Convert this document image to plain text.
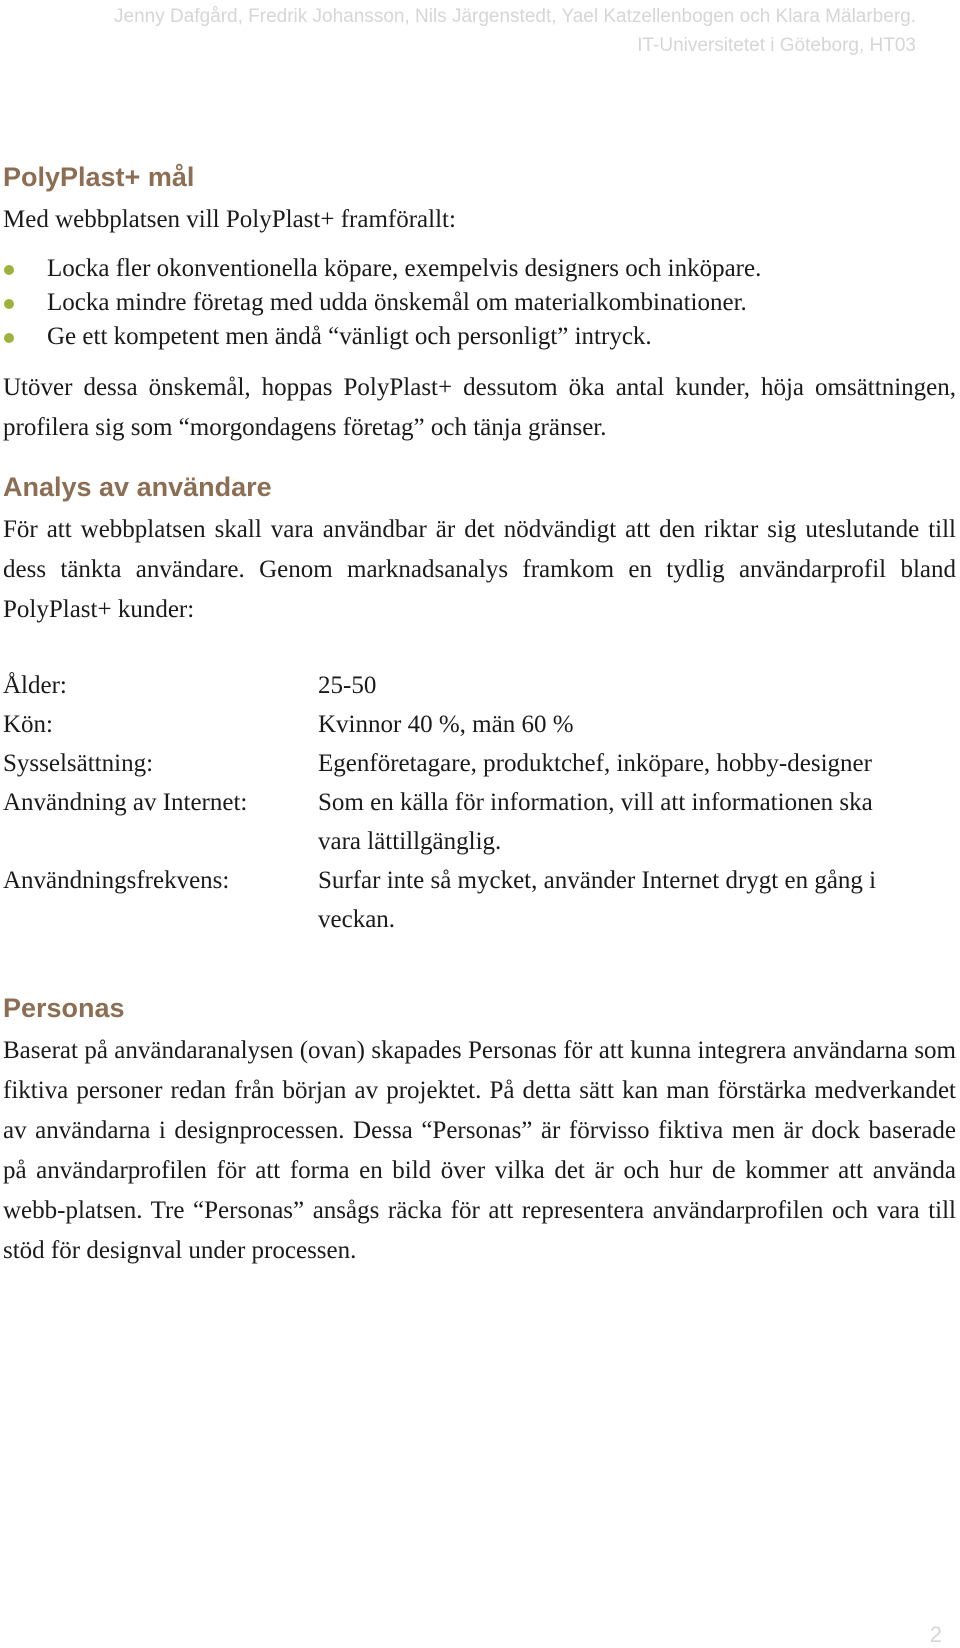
Jenny Dafgård, Fredrik Johansson, Nils Järgenstedt, Yael Katzellenbogen och Klara Mälarberg.
IT-Universitetet i Göteborg, HT03
PolyPlast+ mål

Med webbplatsen vill PolyPlast+ framförallt:

Locka fler okonventionella köpare, exempelvis designers och inköpare.
Locka mindre företag med udda önskemål om materialkombinationer.
Ge ett kompetent men ändå “vänligt och personligt” intryck.

Utöver dessa önskemål, hoppas PolyPlast+ dessutom öka antal kunder, höja omsättningen, profilera sig som “morgondagens företag” och tänja gränser.

Analys av användare

För att webbplatsen skall vara användbar är det nödvändigt att den riktar sig uteslutande till dess tänkta användare. Genom marknadsanalys framkom en tydlig användarprofil bland PolyPlast+ kunder:

Ålder:	25-50
Kön:	Kvinnor 40 %, män 60 %
Sysselsättning:	Egenföretagare, produktchef, inköpare, hobby-designer
Användning av Internet:	Som en källa för information, vill att informationen ska vara lättillgänglig.
Användningsfrekvens:	Surfar inte så mycket, använder Internet drygt en gång i veckan.
Personas

Baserat på användaranalysen (ovan) skapades Personas för att kunna integrera användarna som fiktiva personer redan från början av projektet. På detta sätt kan man förstärka medverkandet av användarna i designprocessen. Dessa “Personas” är förvisso fiktiva men är dock baserade på användarprofilen för att forma en bild över vilka det är och hur de kommer att använda webb-platsen. Tre “Personas” ansågs räcka för att representera användarprofilen och vara till stöd för designval under processen.

2
